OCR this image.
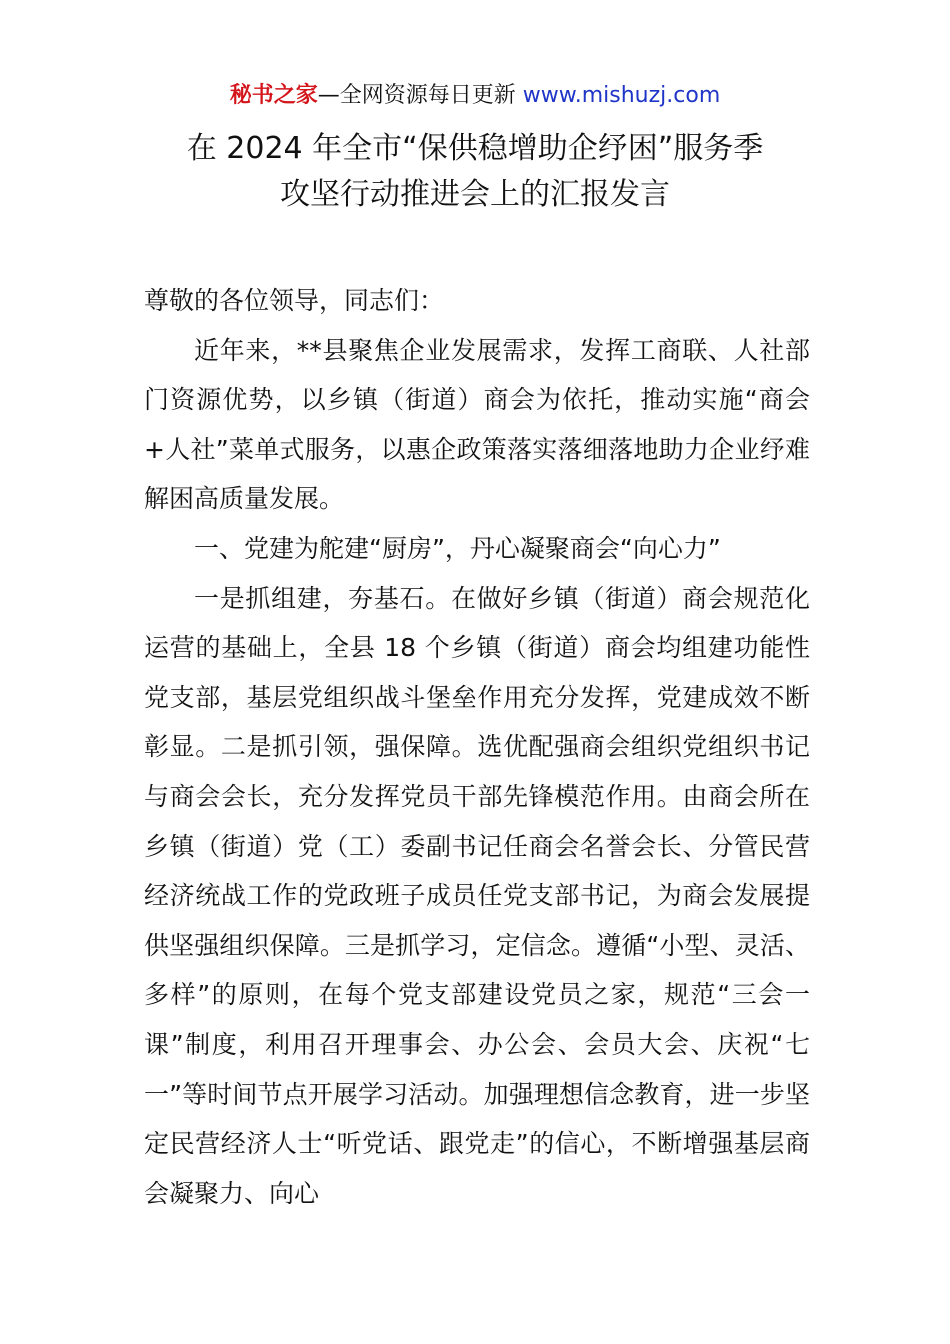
秘书之家—全网资源每日更新 www.mishuzj.com
在 2024 年全市“保供稳增助企纾困”服务季
攻坚行动推进会上的汇报发言

尊敬的各位领导，同志们：

近年来，**县聚焦企业发展需求，发挥工商联、人社部门资源优势，以乡镇（街道）商会为依托，推动实施“商会+人社”菜单式服务，以惠企政策落实落细落地助力企业纾难解困高质量发展。

一、党建为舵建“厨房”，丹心凝聚商会“向心力”

一是抓组建，夯基石。在做好乡镇（街道）商会规范化运营的基础上，全县 18 个乡镇（街道）商会均组建功能性党支部，基层党组织战斗堡垒作用充分发挥，党建成效不断彰显。二是抓引领，强保障。选优配强商会组织党组织书记与商会会长，充分发挥党员干部先锋模范作用。由商会所在乡镇（街道）党（工）委副书记任商会名誉会长、分管民营经济统战工作的党政班子成员任党支部书记，为商会发展提供坚强组织保障。三是抓学习，定信念。遵循“小型、灵活、多样”的原则，在每个党支部建设党员之家，规范“三会一课”制度，利用召开理事会、办公会、会员大会、庆祝“七一”等时间节点开展学习活动。加强理想信念教育，进一步坚定民营经济人士“听党话、跟党走”的信心，不断增强基层商会凝聚力、向心
